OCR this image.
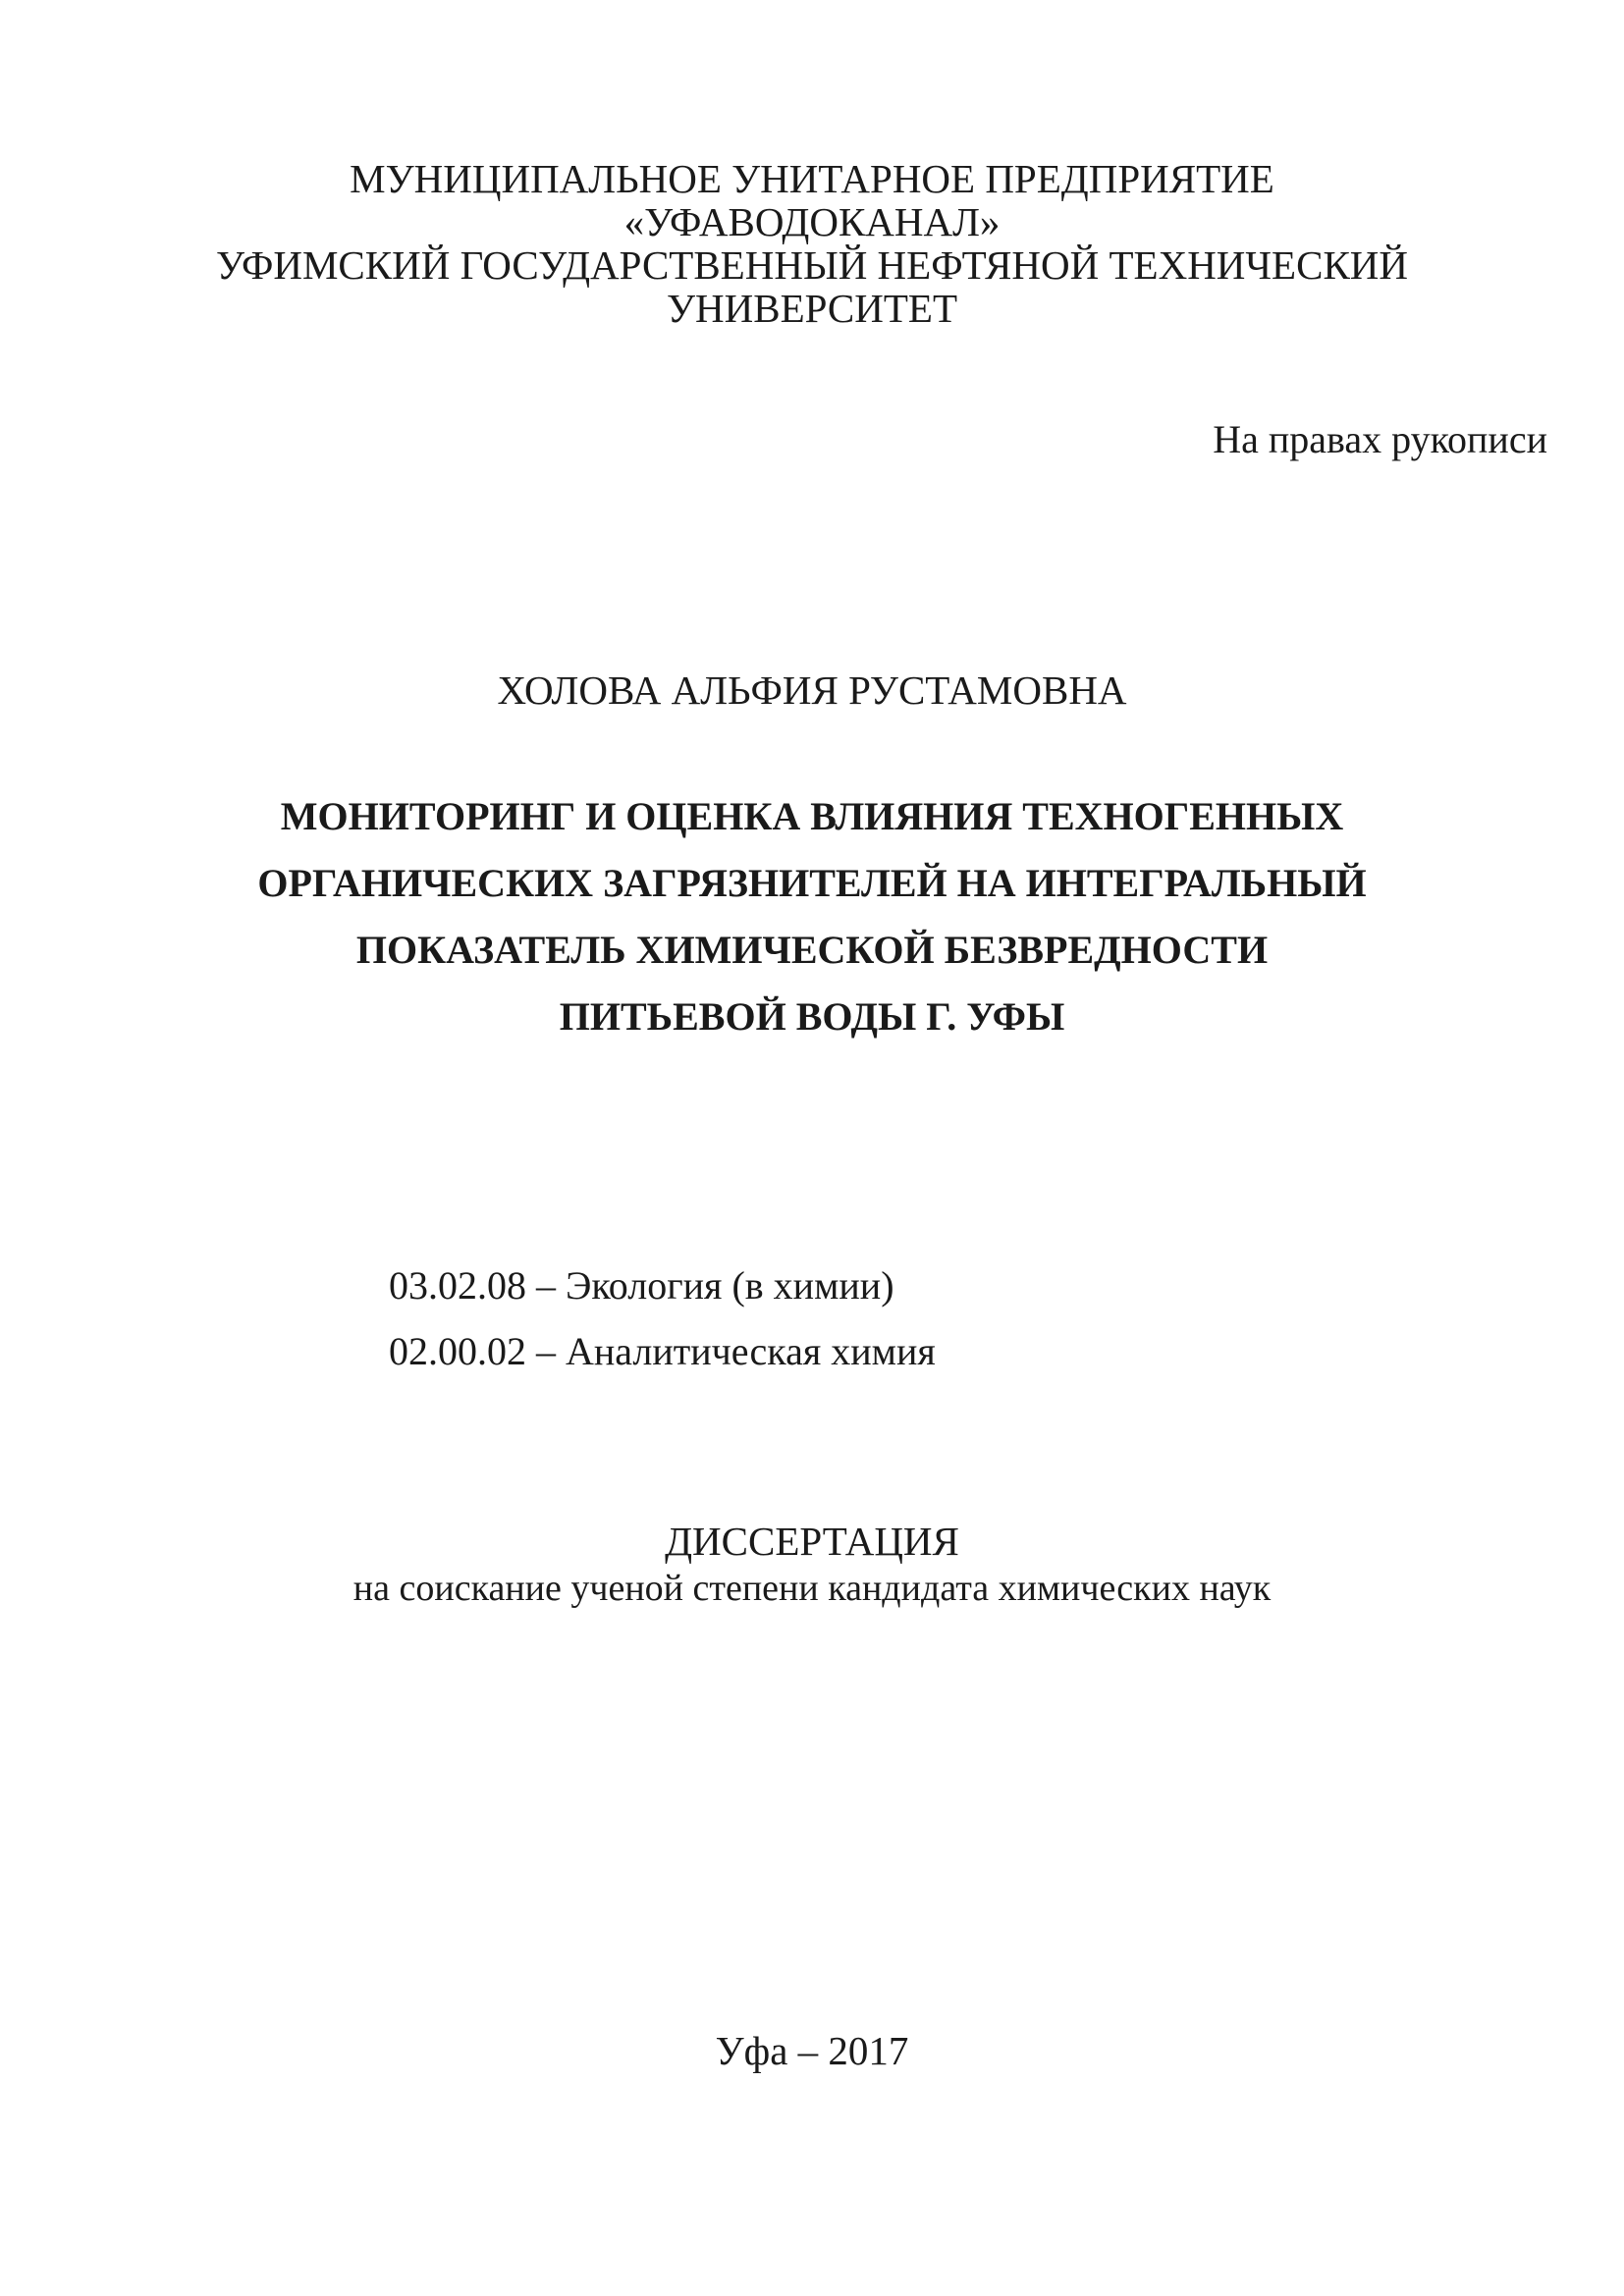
МУНИЦИПАЛЬНОЕ УНИТАРНОЕ ПРЕДПРИЯТИЕ
«УФАВОДОКАНАЛ»
УФИМСКИЙ ГОСУДАРСТВЕННЫЙ НЕФТЯНОЙ ТЕХНИЧЕСКИЙ
УНИВЕРСИТЕТ
На правах рукописи
ХОЛОВА АЛЬФИЯ РУСТАМОВНА
МОНИТОРИНГ И ОЦЕНКА ВЛИЯНИЯ ТЕХНОГЕННЫХ
ОРГАНИЧЕСКИХ ЗАГРЯЗНИТЕЛЕЙ НА ИНТЕГРАЛЬНЫЙ
ПОКАЗАТЕЛЬ ХИМИЧЕСКОЙ БЕЗВРЕДНОСТИ
ПИТЬЕВОЙ ВОДЫ Г. УФЫ
03.02.08 – Экология (в химии)
02.00.02 – Аналитическая химия
ДИССЕРТАЦИЯ
на соискание ученой степени кандидата химических наук
Уфа – 2017
